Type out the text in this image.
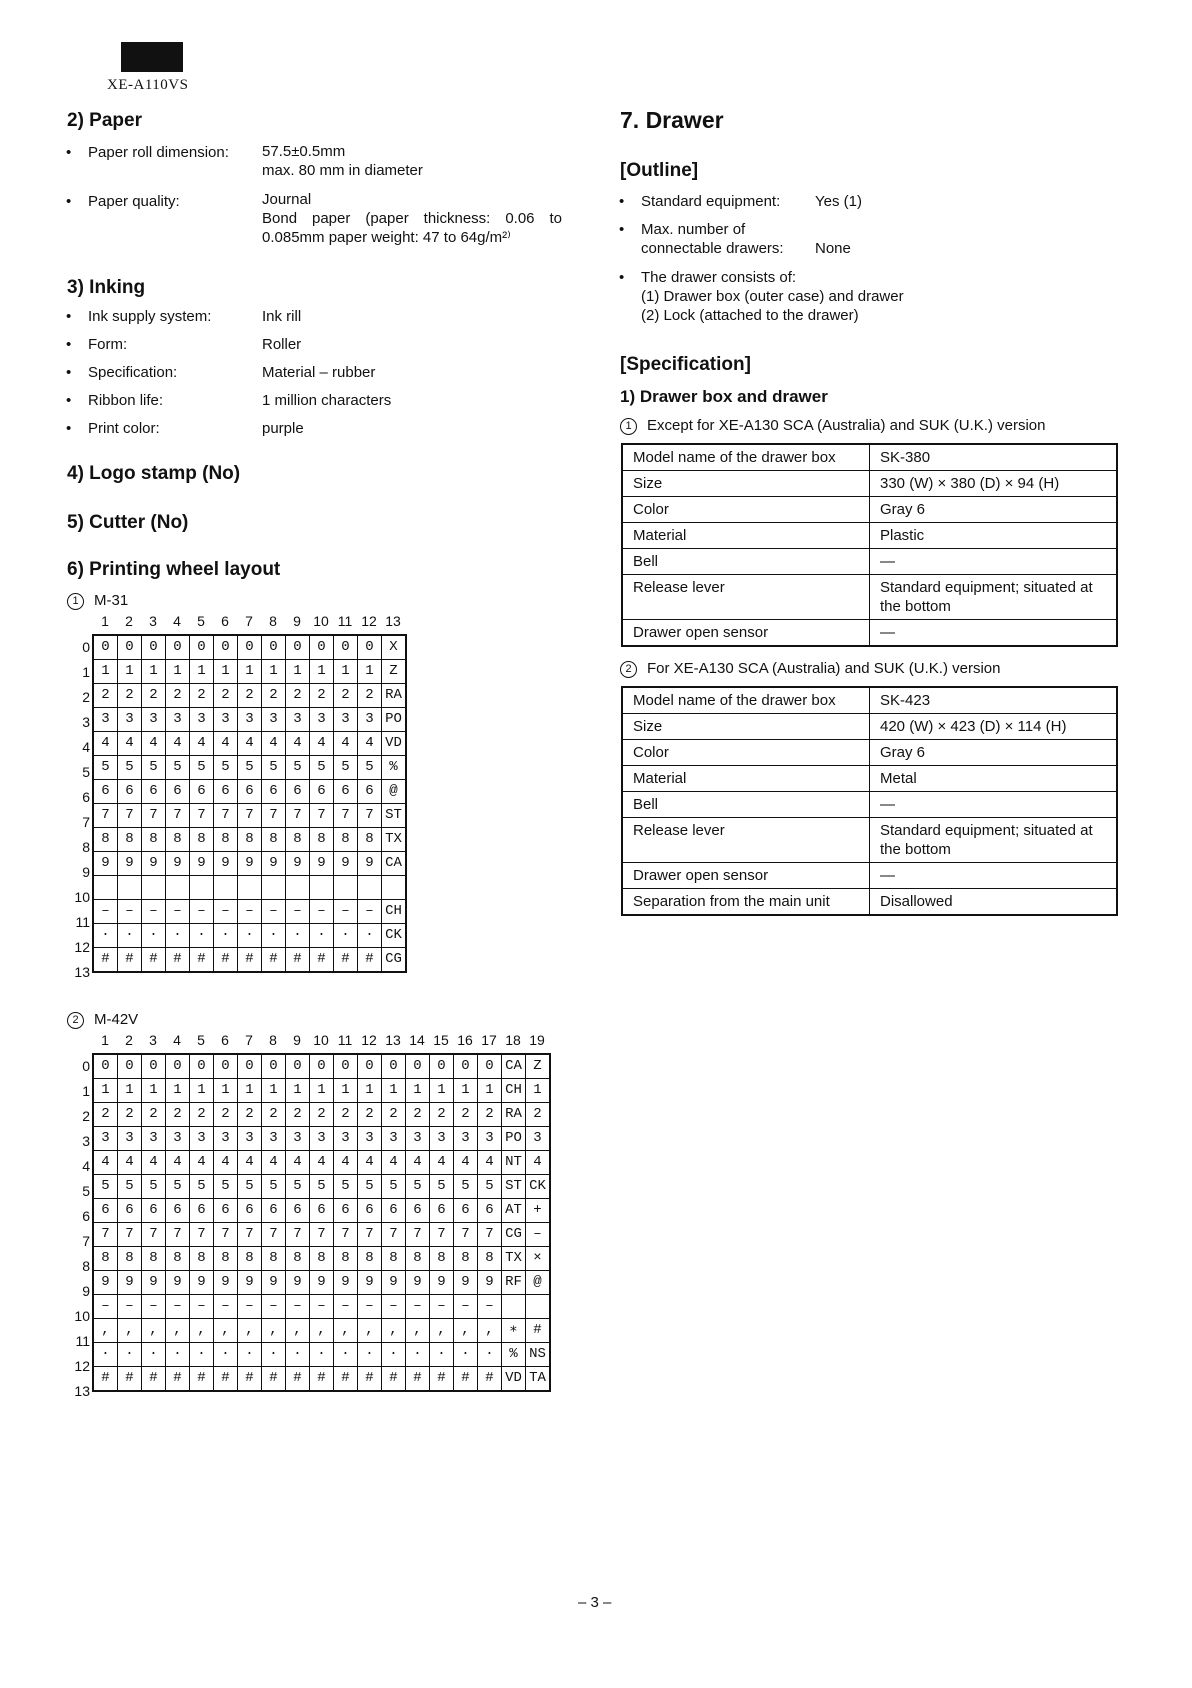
XE-A110VS
2) Paper
• Paper roll dimension: 57.5±0.5mm
max. 80 mm in diameter
• Paper quality:	Journal
Bond paper (paper thickness: 0.06 to
0.085mm paper weight: 47 to 64g/m²⁾
3) Inking
• Ink supply system:	Ink rill
• Form:	Roller
• Specification:	Material – rubber
• Ribbon life:	1 million characters
• Print color:	purple
4) Logo stamp (No)
5) Cutter (No)
6) Printing wheel layout
1 M-31
1 2 3 4 5 6 7 8 9 10 11 12 13
0
1
2
3
4
5
6
7
8
9
10
11
12
13
0	0	0	0	0	0	0	0	0	0	0	0	X
1	1	1	1	1	1	1	1	1	1	1	1	Z
2	2	2	2	2	2	2	2	2	2	2	2	RA
3	3	3	3	3	3	3	3	3	3	3	3	PO
4	4	4	4	4	4	4	4	4	4	4	4	VD
5	5	5	5	5	5	5	5	5	5	5	5	%
6	6	6	6	6	6	6	6	6	6	6	6	@
7	7	7	7	7	7	7	7	7	7	7	7	ST
8	8	8	8	8	8	8	8	8	8	8	8	TX
9	9	9	9	9	9	9	9	9	9	9	9	CA

–	–	–	–	–	–	–	–	–	–	–	–	CH
·	·	·	·	·	·	·	·	·	·	·	·	CK
#	#	#	#	#	#	#	#	#	#	#	#	CG
2 M-42V
1 2 3 4 5 6 7 8 9 10 11 12 13 14 15 16 17 18 19
0
1
2
3
4
5
6
7
8
9
10
11
12
13
0	0	0	0	0	0	0	0	0	0	0	0	0	0	0	0	0	CA	Z
1	1	1	1	1	1	1	1	1	1	1	1	1	1	1	1	1	CH	1
2	2	2	2	2	2	2	2	2	2	2	2	2	2	2	2	2	RA	2
3	3	3	3	3	3	3	3	3	3	3	3	3	3	3	3	3	PO	3
4	4	4	4	4	4	4	4	4	4	4	4	4	4	4	4	4	NT	4
5	5	5	5	5	5	5	5	5	5	5	5	5	5	5	5	5	ST	CK
6	6	6	6	6	6	6	6	6	6	6	6	6	6	6	6	6	AT	+
7	7	7	7	7	7	7	7	7	7	7	7	7	7	7	7	7	CG	–
8	8	8	8	8	8	8	8	8	8	8	8	8	8	8	8	8	TX	×
9	9	9	9	9	9	9	9	9	9	9	9	9	9	9	9	9	RF	@
–	–	–	–	–	–	–	–	–	–	–	–	–	–	–	–	–		
,	,	,	,	,	,	,	,	,	,	,	,	,	,	,	,	,	∗	#
·	·	·	·	·	·	·	·	·	·	·	·	·	·	·	·	·	%	NS
#	#	#	#	#	#	#	#	#	#	#	#	#	#	#	#	#	VD	TA
7. Drawer
[Outline]
• Standard equipment: Yes (1)
• Max. number of
connectable drawers: None
• The drawer consists of:
(1) Drawer box (outer case) and drawer
(2) Lock (attached to the drawer)
[Specification]
1) Drawer box and drawer
1 Except for XE-A130 SCA (Australia) and SUK (U.K.) version
Model name of the drawer box	SK-380
Size	330 (W) × 380 (D) × 94 (H)
Color	Gray 6
Material	Plastic
Bell	—
Release lever	Standard equipment; situated at the bottom
Drawer open sensor	—
2 For XE-A130 SCA (Australia) and SUK (U.K.) version
Model name of the drawer box	SK-423
Size	420 (W) × 423 (D) × 114 (H)
Color	Gray 6
Material	Metal
Bell	—
Release lever	Standard equipment; situated at the bottom
Drawer open sensor	—
Separation from the main unit	Disallowed
– 3 –
